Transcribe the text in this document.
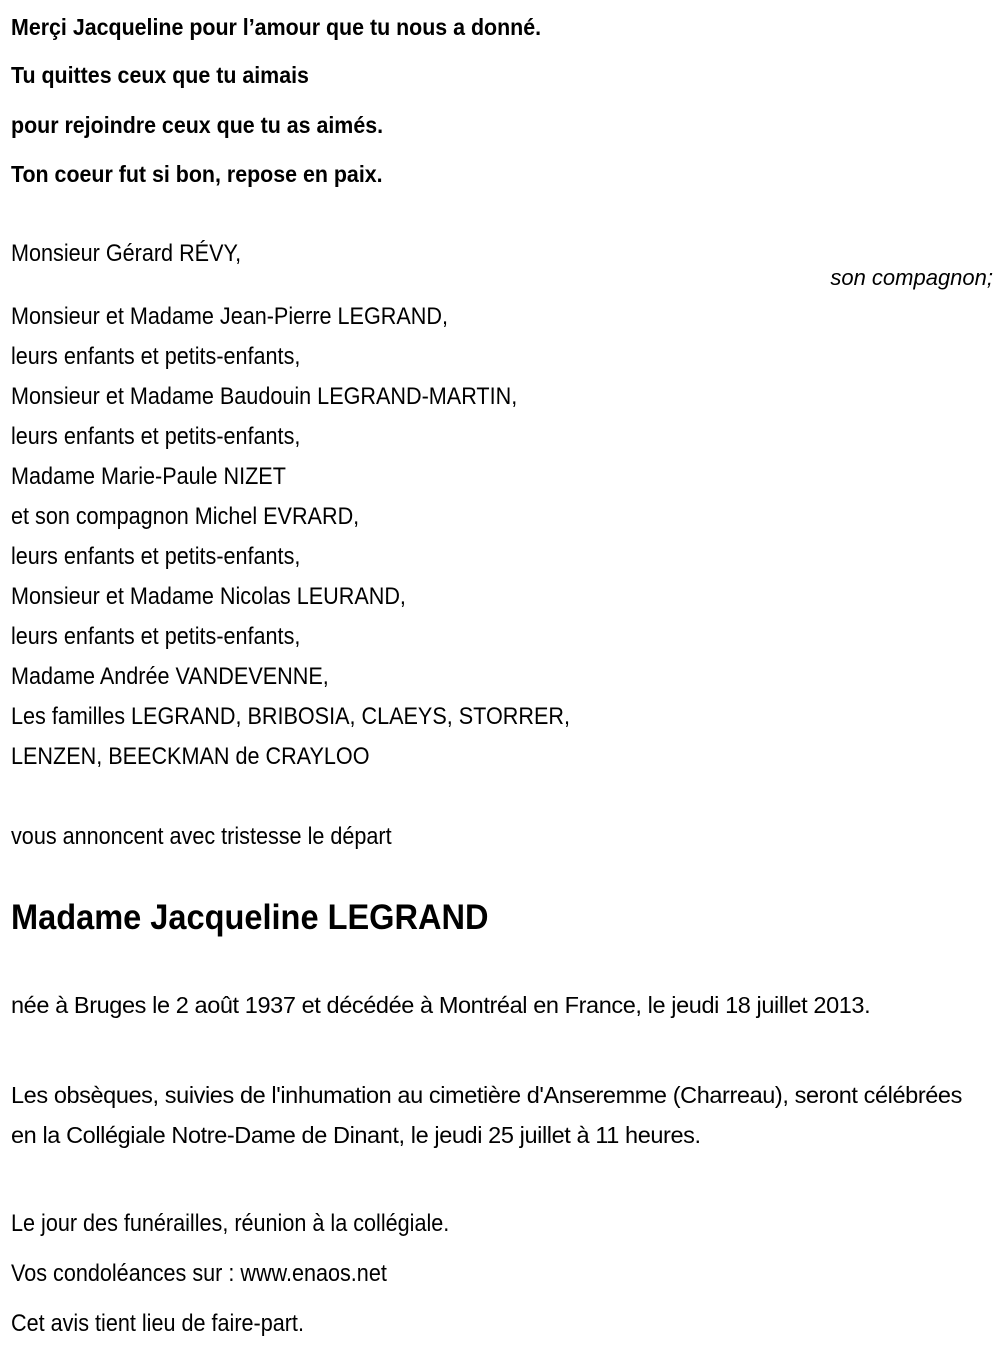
Merçi Jacqueline pour l’amour que tu nous a donné.
Tu quittes ceux que tu aimais
pour rejoindre ceux que tu as aimés.
Ton coeur fut si bon, repose en paix.
Monsieur Gérard RÉVY,
son compagnon;
Monsieur et Madame Jean-Pierre LEGRAND,
leurs enfants et petits-enfants,
Monsieur et Madame Baudouin LEGRAND-MARTIN,
leurs enfants et petits-enfants,
Madame Marie-Paule NIZET
et son compagnon Michel EVRARD,
leurs enfants et petits-enfants,
Monsieur et Madame Nicolas LEURAND,
leurs enfants et petits-enfants,
Madame Andrée VANDEVENNE,
Les familles LEGRAND, BRIBOSIA, CLAEYS, STORRER,
LENZEN, BEECKMAN de CRAYLOO
vous annoncent avec tristesse le départ
Madame Jacqueline LEGRAND
née à Bruges le 2 août 1937 et décédée à Montréal en France, le jeudi 18 juillet 2013.
Les obsèques, suivies de l'inhumation au cimetière d'Anseremme (Charreau), seront célébrées en la Collégiale Notre-Dame de Dinant, le jeudi 25 juillet à 11 heures.
Le jour des funérailles, réunion à la collégiale.
Vos condoléances sur : www.enaos.net
Cet avis tient lieu de faire-part.
